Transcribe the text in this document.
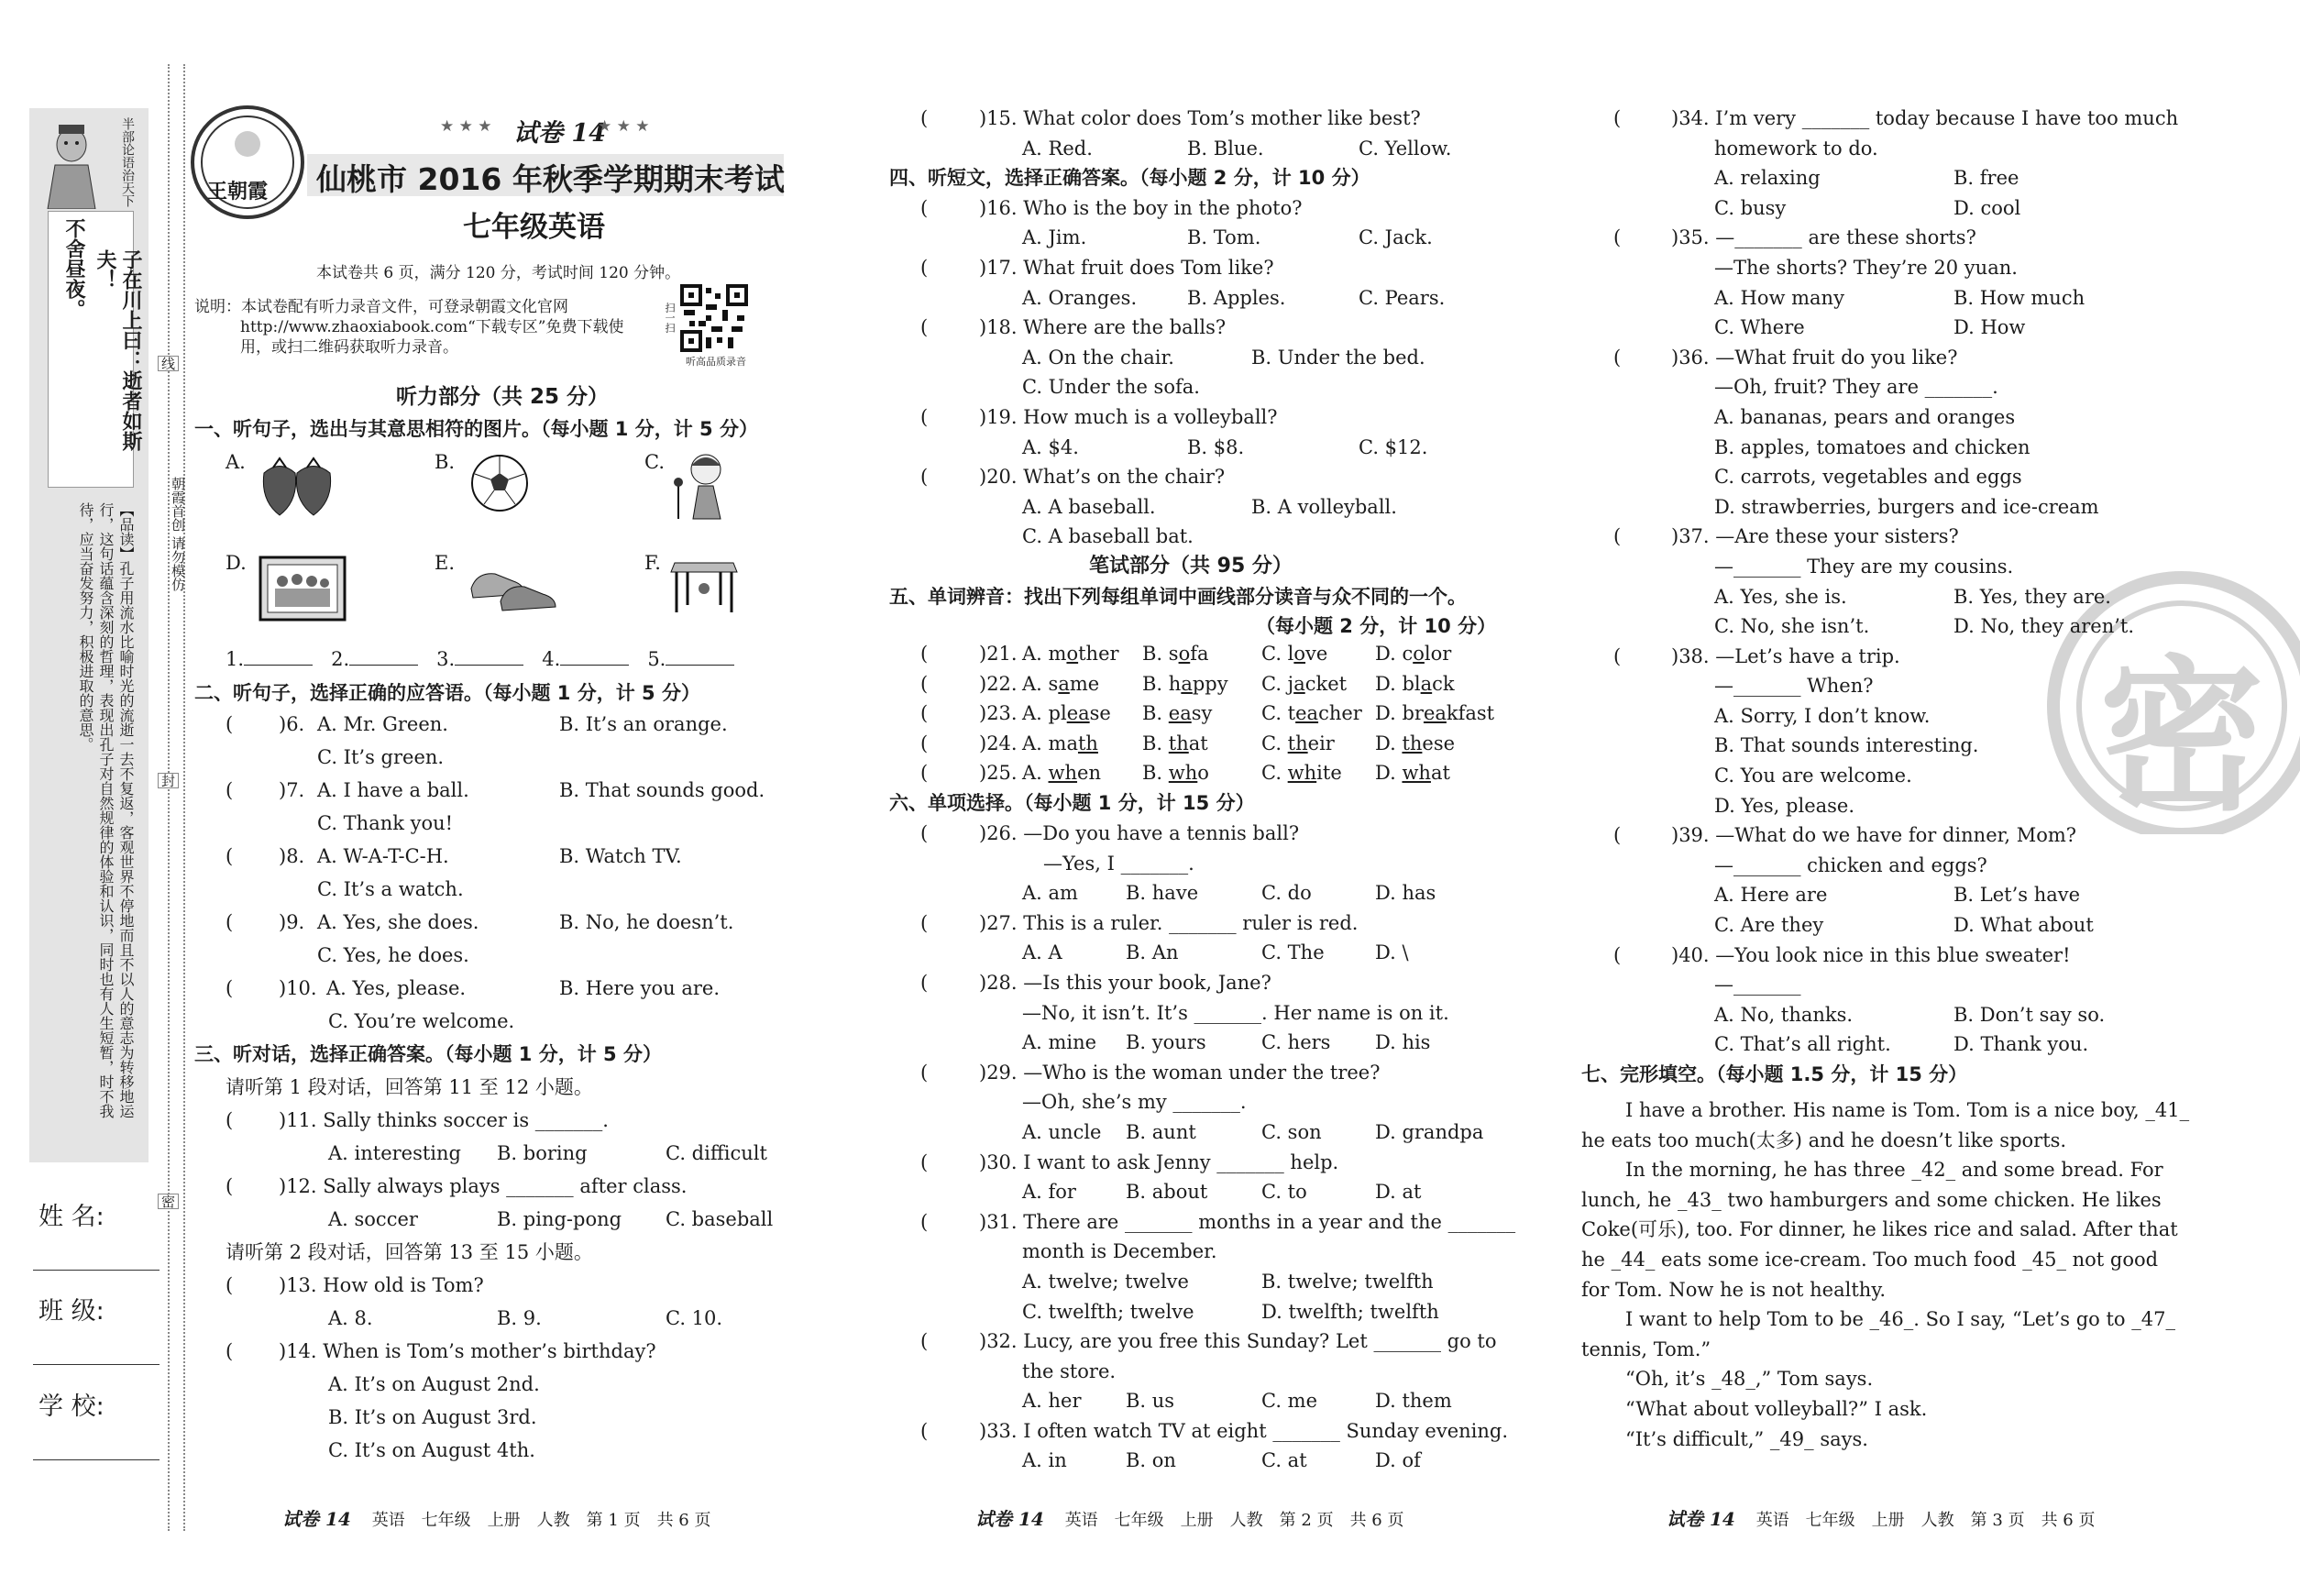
半部论语治天下
子在川上曰：逝者如斯夫！
不舍昼夜。
【品读】孔子用流水比喻时光的流逝一去不复返，客观世界不停地而且不以人的意志为转移地运行，这句话蕴含深刻的哲理，表现出孔子对自然规律的体验和认识，同时也有人生短暂，时不我待，应当奋发努力，积极进取的意思。
姓 名:
班 级:
学 校:
线
朝霞首创 请勿模仿
封
密
王朝霞
试卷 14
★ ★ ★	★ ★ ★
仙桃市 2016 年秋季学期期末考试
七年级英语
本试卷共 6 页，满分 120 分，考试时间 120 分钟。
说明：本试卷配有听力录音文件，可登录朝霞文化官网
http://www.zhaoxiabook.com“下载专区”免费下载使
用，或扫二维码获取听力录音。
扫一扫
听高品质录音
听力部分（共 25 分）
一、听句子，选出与其意思相符的图片。（每小题 1 分，计 5 分）
A.	B.	C.
D.	E.	F.
1.	2.	3.	4.	5.
二、听句子，选择正确的应答语。（每小题 1 分，计 5 分）
( )6. A. Mr. Green.	B. It’s an orange.
C. It’s green.
( )7. A. I have a ball.	B. That sounds good.
C. Thank you!
( )8. A. W-A-T-C-H.	B. Watch TV.
C. It’s a watch.
( )9. A. Yes, she does.	B. No, he doesn’t.
C. Yes, he does.
( )10. A. Yes, please.	B. Here you are.
C. You’re welcome.
三、听对话，选择正确答案。（每小题 1 分，计 5 分）
请听第 1 段对话，回答第 11 至 12 小题。
( )11. Sally thinks soccer is _______.
A. interesting B. boring	C. difficult
( )12. Sally always plays _______ after class.
A. soccer	B. ping-pong C. baseball
请听第 2 段对话，回答第 13 至 15 小题。
( )13. How old is Tom?
A. 8.	B. 9.	C. 10.
( )14. When is Tom’s mother’s birthday?
A. It’s on August 2nd.
B. It’s on August 3rd.
C. It’s on August 4th.
(	)15. What color does Tom’s mother like best?

A. Red.	B. Blue.	C. Yellow.

四、听短文，选择正确答案。（每小题 2 分，计 10 分）
(	)16. Who is the boy in the photo?

A. Jim.	B. Tom.	C. Jack.

(	)17. What fruit does Tom like?

A. Oranges.	B. Apples.	C. Pears.

(	)18. Where are the balls?

A. On the chair.	B. Under the bed.

C. Under the sofa.

(	)19. How much is a volleyball?

A. $4.	B. $8.	C. $12.

(	)20. What’s on the chair?

A. A baseball.	B. A volleyball.

C. A baseball bat.

笔试部分（共 95 分）
五、单词辨音：找出下列每组单词中画线部分读音与众不同的一个。
（每小题 2 分，计 10 分）
(	)21. A. mother B. sofa	C. love D. color

(	)22. A. same B. happy C. jacket D. black

(	)23. A. please B. easy	C. teacher D. breakfast

(	)24. A. math B. that	C. their D. these

(	)25. A. when B. who	C. white D. what

六、单项选择。（每小题 1 分，计 15 分）
(	)26. —Do you have a tennis ball?

—Yes, I _______.
A. am B. have	C. do	D. has

(	)27. This is a ruler. _______ ruler is red.

A. A	B. An	C. The	D. \

(	)28. —Is this your book, Jane?

—No, it isn’t. It’s _______. Her name is on it.
A. mine B. yours	C. hers D. his

(	)29. —Who is the woman under the tree?

—Oh, she’s my _______.
A. uncle B. aunt	C. son	D. grandpa

(	)30. I want to ask Jenny _______ help.

A. for	B. about	C. to	D. at

(	)31. There are _______ months in a year and the _______

month is December.
A. twelve; twelve	B. twelve; twelfth

C. twelfth; twelve	D. twelfth; twelfth

(	)32. Lucy, are you free this Sunday? Let _______ go to

the store.
A. her B. us	C. me	D. them

(	)33. I often watch TV at eight _______ Sunday evening.

A. in	B. on	C. at	D. of

密
(	)34. I’m very _______ today because I have too much

homework to do.
A. relaxing	B. free

C. busy	D. cool

(	)35. —_______ are these shorts?

—The shorts? They’re 20 yuan.
A. How many	B. How much

C. Where	D. How

(	)36. —What fruit do you like?

—Oh, fruit? They are _______.
A. bananas, pears and oranges
B. apples, tomatoes and chicken
C. carrots, vegetables and eggs
D. strawberries, burgers and ice-cream
(	)37. —Are these your sisters?

—_______ They are my cousins.
A. Yes, she is.	B. Yes, they are.

C. No, she isn’t.	D. No, they aren’t.

(	)38. —Let’s have a trip.

—_______ When?
A. Sorry, I don’t know.
B. That sounds interesting.
C. You are welcome.
D. Yes, please.
(	)39. —What do we have for dinner, Mom?

—_______ chicken and eggs?
A. Here are	B. Let’s have

C. Are they	D. What about

(	)40. —You look nice in this blue sweater!

—_______
A. No, thanks.	B. Don’t say so.

C. That’s all right.	D. Thank you.

七、完形填空。（每小题 1.5 分，计 15 分）
I have a brother. His name is Tom. Tom is a nice boy, _41_
he eats too much(太多) and he doesn’t like sports.
In the morning, he has three _42_ and some bread. For
lunch, he _43_ two hamburgers and some chicken. He likes
Coke(可乐), too. For dinner, he likes rice and salad. After that
he _44_ eats some ice-cream. Too much food _45_ not good
for Tom. Now he is not healthy.
I want to help Tom to be _46_. So I say, “Let’s go to _47_
tennis, Tom.”
“Oh, it’s _48_,” Tom says.
“What about volleyball?” I ask.
“It’s difficult,” _49_ says.
试卷 14 英语　七年级　上册　人教　第 1 页　共 6 页	试卷 14 英语　七年级　上册　人教　第 2 页　共 6 页	试卷 14 英语　七年级　上册　人教　第 3 页　共 6 页
